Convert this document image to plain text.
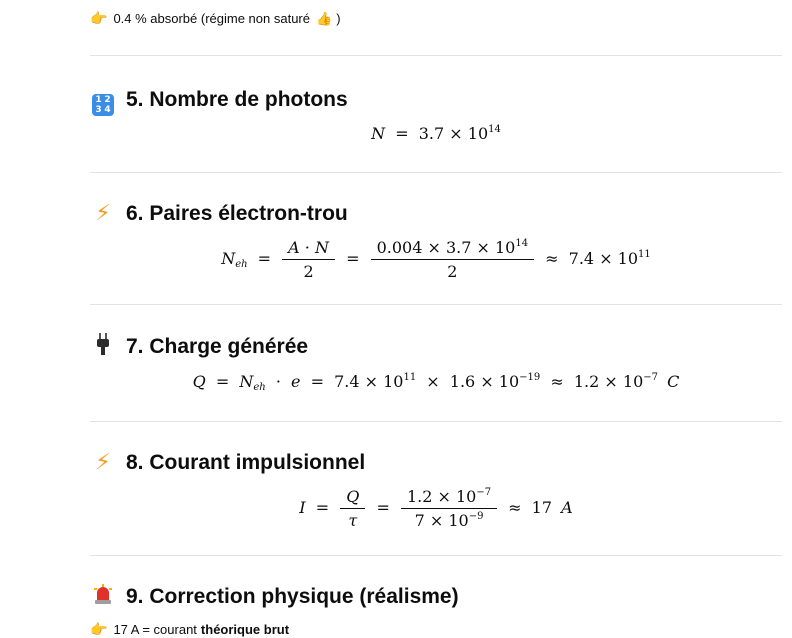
👉 0.4 % absorbé (régime non saturé 👍 )
1 2
3 4 5. Nombre de photons
$N = 3.7 \times 10^{14}$
⚡ 6. Paires électron-trou
$N_{eh} = \frac{A \cdot N}{2} = \frac{0.004 \times 3.7 \times 10^{14}}{2} \approx 7.4 \times 10^{11}$
7. Charge générée
$Q = N_{eh} \cdot e = 7.4 \times 10^{11} \times 1.6 \times 10^{-19} \approx 1.2 \times 10^{-7}$ C
⚡ 8. Courant impulsionnel
$I = \frac{Q}{\tau} = \frac{1.2 \times 10^{-7}}{7 \times 10^{-9}} \approx 17$ A
9. Correction physique (réalisme)
👉 17 A = courant théorique brut
